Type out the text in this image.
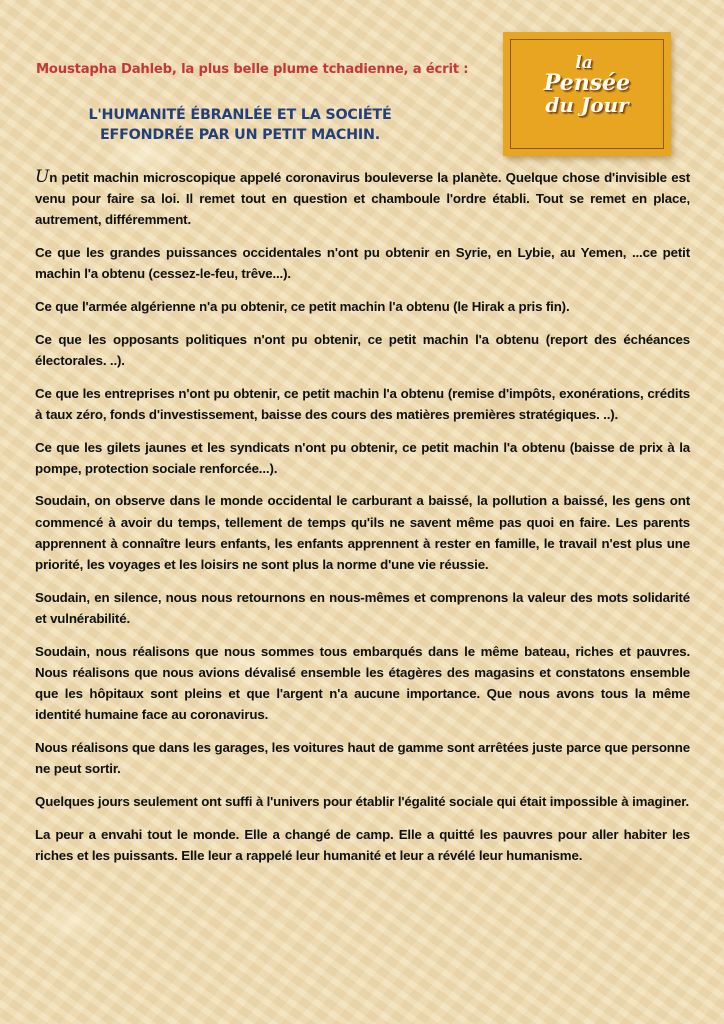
Moustapha Dahleb, la plus belle plume tchadienne, a écrit :
L'HUMANITÉ ÉBRANLÉE ET LA SOCIÉTÉ
EFFONDRÉE PAR UN PETIT MACHIN.
la
Pensée
du Jour

Un petit machin microscopique appelé coronavirus bouleverse la planète. Quelque chose d'invisible est venu pour faire sa loi. Il remet tout en question et chamboule l'ordre établi. Tout se remet en place, autrement, différemment.

Ce que les grandes puissances occidentales n'ont pu obtenir en Syrie, en Lybie, au Yemen, ...ce petit machin l'a obtenu (cessez-le-feu, trêve...).

Ce que l'armée algérienne n'a pu obtenir, ce petit machin l'a obtenu (le Hirak a pris fin).

Ce que les opposants politiques n'ont pu obtenir, ce petit machin l'a obtenu (report des échéances électorales. ..).

Ce que les entreprises n'ont pu obtenir, ce petit machin l'a obtenu (remise d'impôts, exonérations, crédits à taux zéro, fonds d'investissement, baisse des cours des matières premières stratégiques. ..).

Ce que les gilets jaunes et les syndicats n'ont pu obtenir, ce petit machin l'a obtenu (baisse de prix à la pompe, protection sociale renforcée...).

Soudain, on observe dans le monde occidental le carburant a baissé, la pollution a baissé, les gens ont commencé à avoir du temps, tellement de temps qu'ils ne savent même pas quoi en faire. Les parents apprennent à connaître leurs enfants, les enfants apprennent à rester en famille, le travail n'est plus une priorité, les voyages et les loisirs ne sont plus la norme d'une vie réussie.

Soudain, en silence, nous nous retournons en nous-mêmes et comprenons la valeur des mots solidarité et vulnérabilité.

Soudain, nous réalisons que nous sommes tous embarqués dans le même bateau, riches et pauvres. Nous réalisons que nous avions dévalisé ensemble les étagères des magasins et constatons ensemble que les hôpitaux sont pleins et que l'argent n'a aucune importance. Que nous avons tous la même identité humaine face au coronavirus.

Nous réalisons que dans les garages, les voitures haut de gamme sont arrêtées juste parce que personne ne peut sortir.

Quelques jours seulement ont suffi à l'univers pour établir l'égalité sociale qui était impossible à imaginer.

La peur a envahi tout le monde. Elle a changé de camp. Elle a quitté les pauvres pour aller habiter les riches et les puissants. Elle leur a rappelé leur humanité et leur a révélé leur humanisme.
